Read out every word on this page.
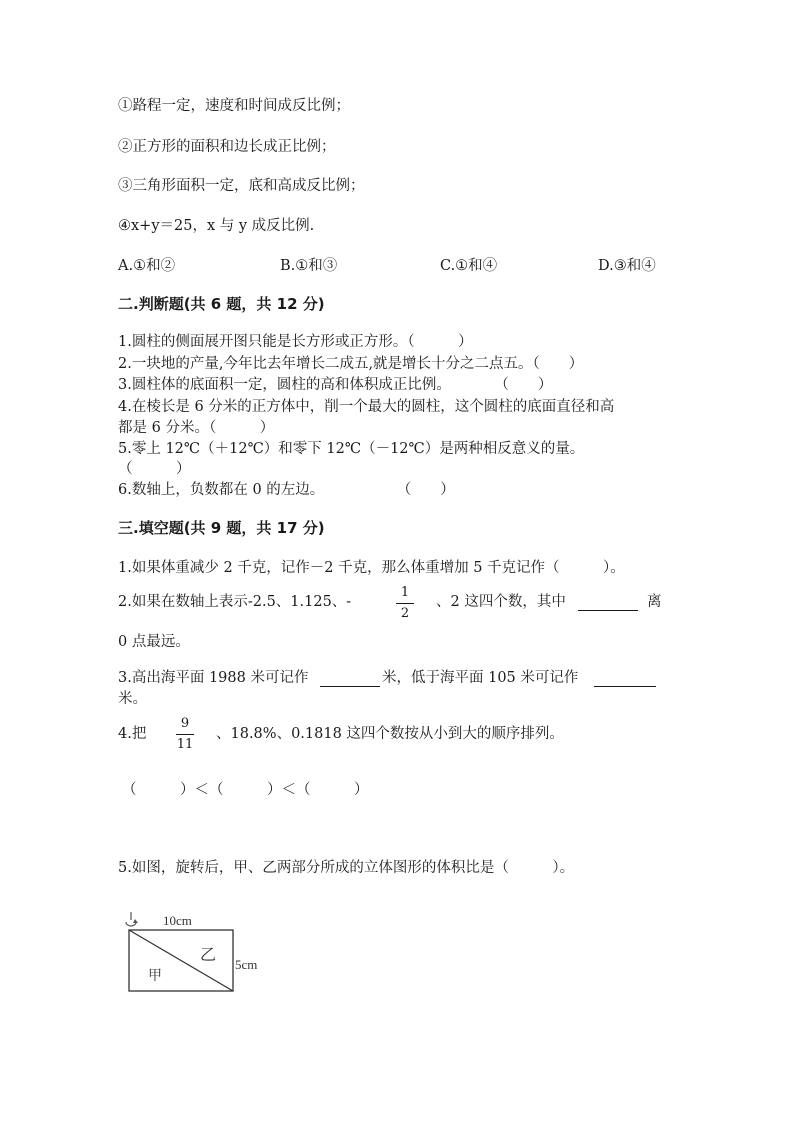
①路程一定，速度和时间成反比例；
②正方形的面积和边长成正比例；
③三角形面积一定，底和高成反比例；
④x+y＝25，x 与 y 成反比例.
A.①和②	B.①和③	C.①和④	D.③和④
二.判断题(共 6 题，共 12 分)
1.圆柱的侧面展开图只能是长方形或正方形。（　　　）
2.一块地的产量,今年比去年增长二成五,就是增长十分之二点五。（　　）
3.圆柱体的底面积一定，圆柱的高和体积成正比例。　　　　（　　）
4.在棱长是 6 分米的正方体中，削一个最大的圆柱，这个圆柱的底面直径和高
都是 6 分米。（　　　）
5.零上 12℃（＋12℃）和零下 12℃（－12℃）是两种相反意义的量。
（　　　）
6.数轴上，负数都在 0 的左边。　　　　　　（　　）
三.填空题(共 9 题，共 17 分)
1.如果体重减少 2 千克，记作－2 千克，那么体重增加 5 千克记作（　　　）。
2.如果在数轴上表示-2.5、1.125、-
1
2
、2 这四个数，其中	离
0 点最远。
3.高出海平面 1988 米可记作	米，低于海平面 105 米可记作
米。
4.把
9
11
、18.8%、0.1818 这四个数按从小到大的顺序排列。
（　　　）＜（　　　）＜（　　　）
5.如图，旋转后，甲、乙两部分所成的立体图形的体积比是（　　　）。
10cm
5cm
甲
乙
